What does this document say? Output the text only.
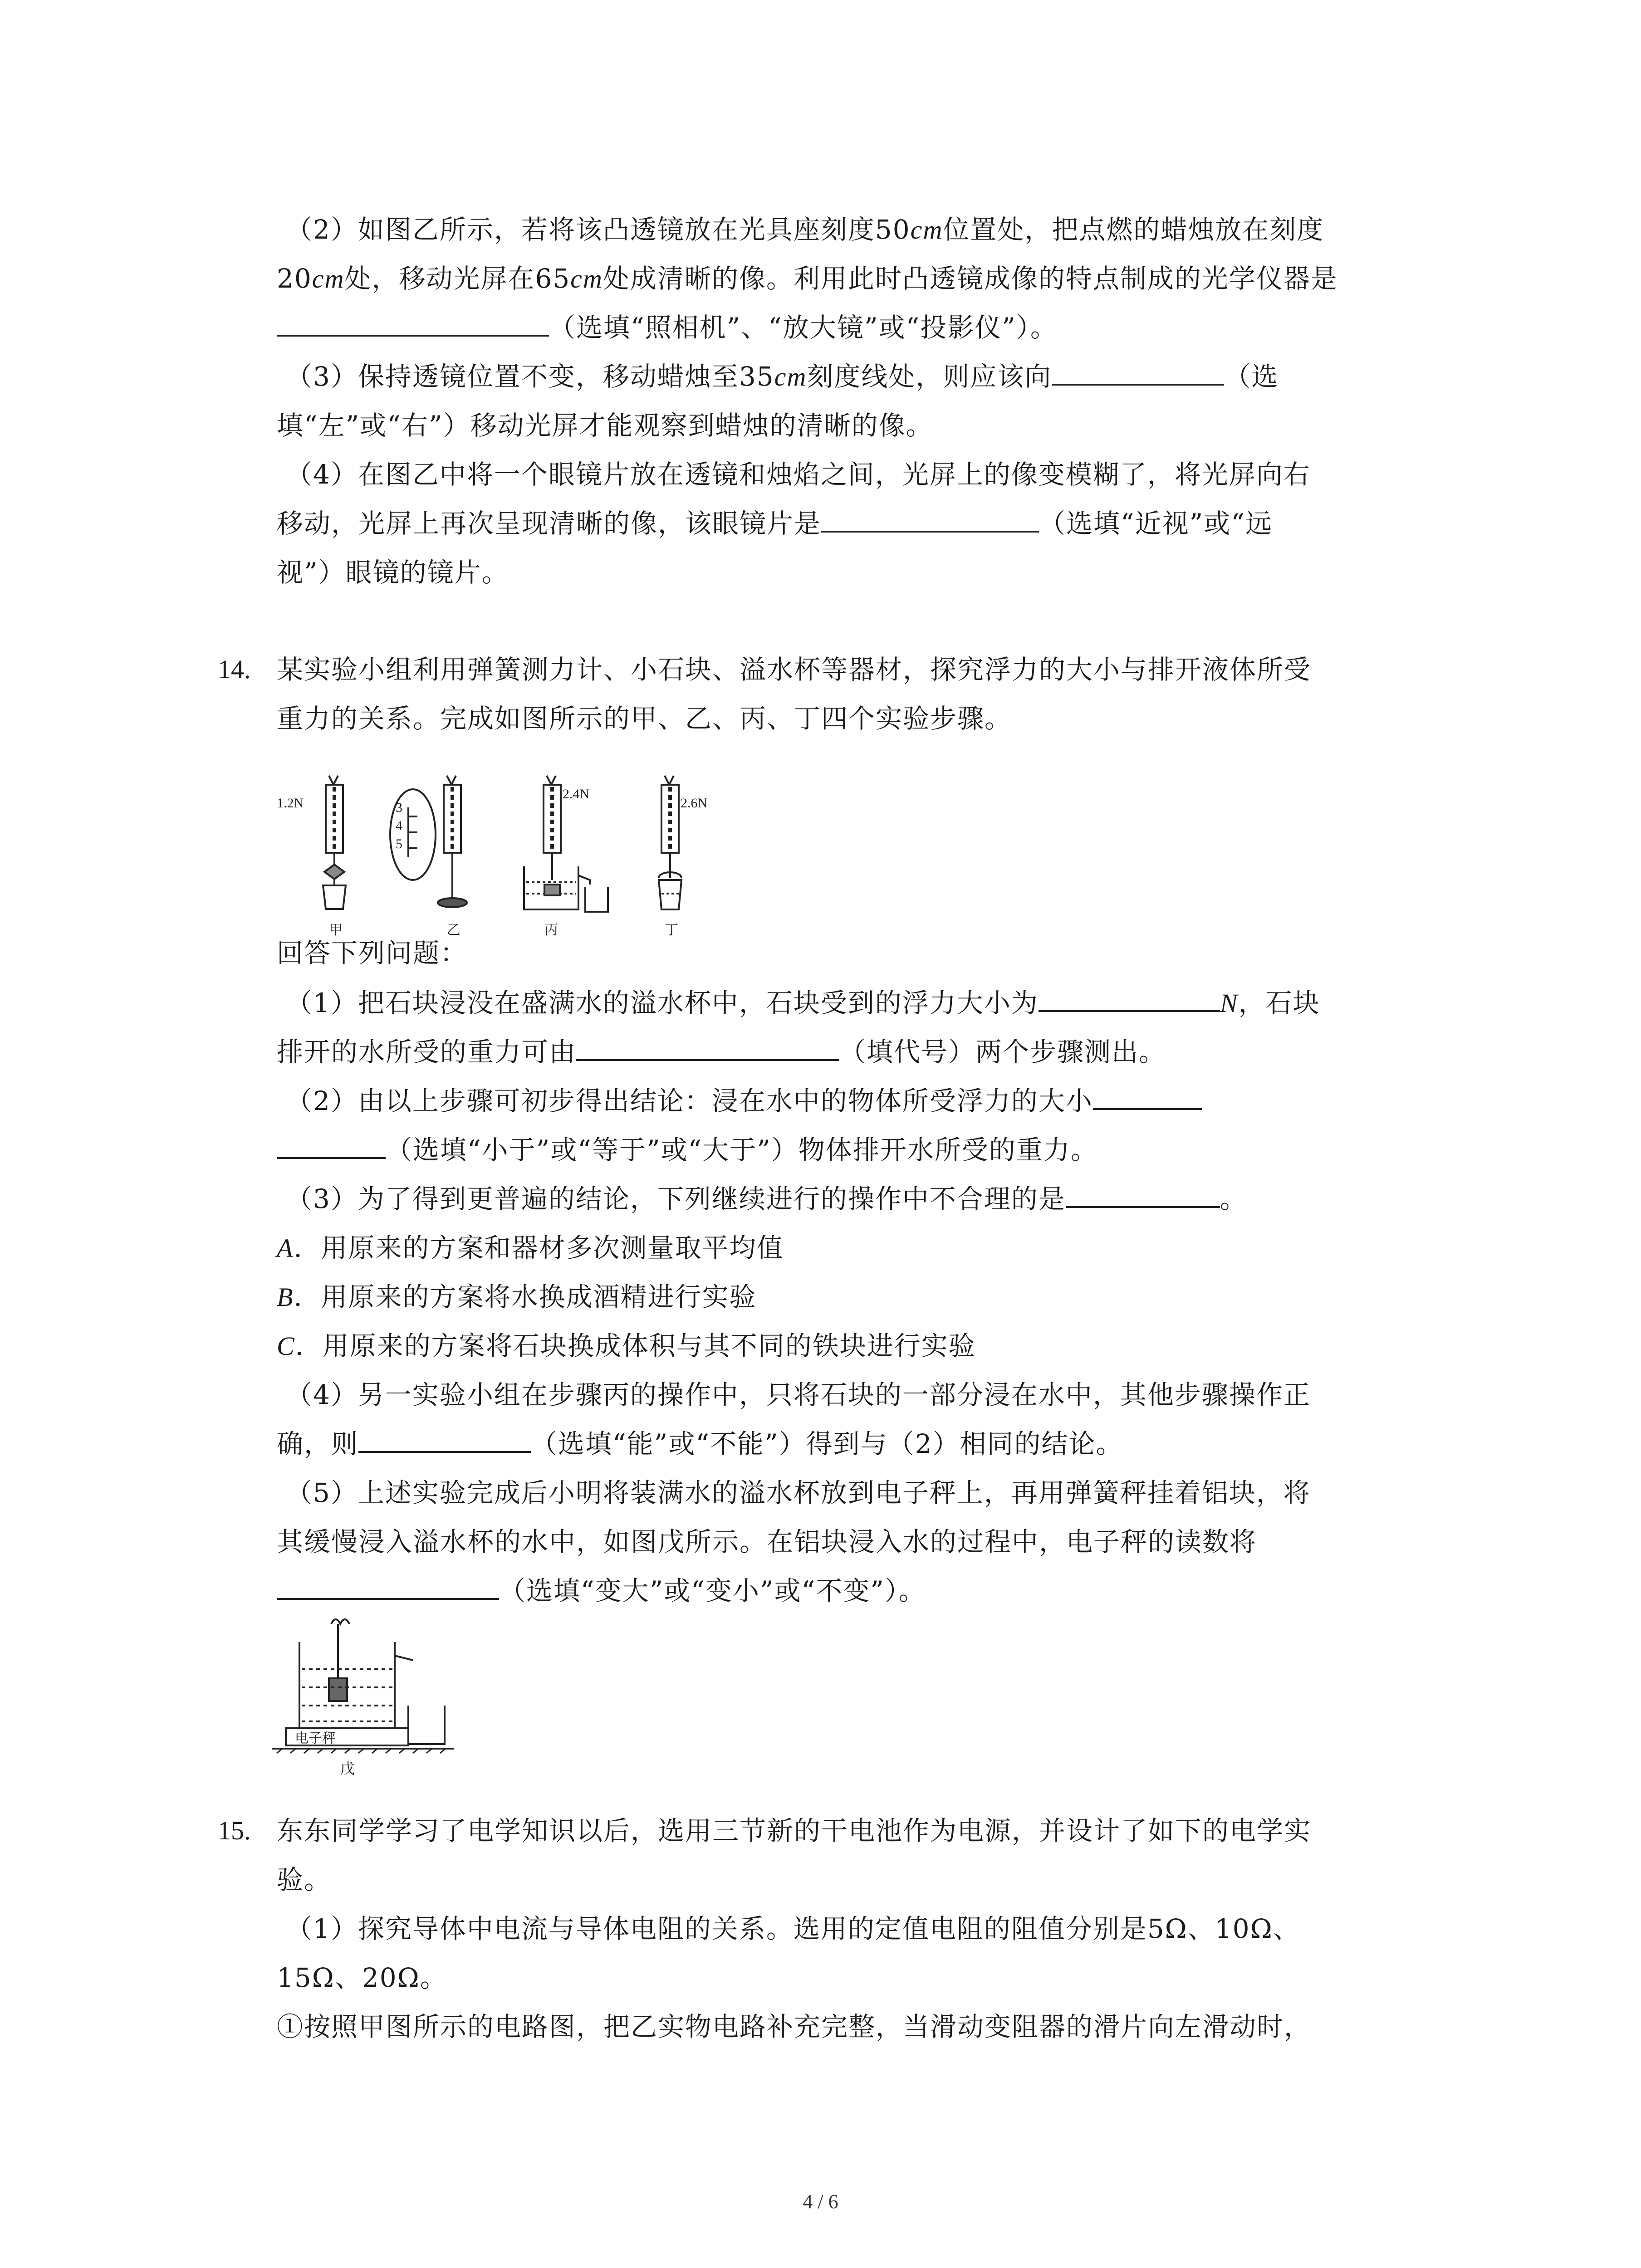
（2）如图乙所示，若将该凸透镜放在光具座刻度50cm位置处，把点燃的蜡烛放在刻度
20cm处，移动光屏在65cm处成清晰的像。利用此时凸透镜成像的特点制成的光学仪器是
（选填“照相机”、“放大镜”或“投影仪”）。
（3）保持透镜位置不变，移动蜡烛至35cm刻度线处，则应该向	（选
填“左”或“右”）移动光屏才能观察到蜡烛的清晰的像。
（4）在图乙中将一个眼镜片放在透镜和烛焰之间，光屏上的像变模糊了，将光屏向右
移动，光屏上再次呈现清晰的像，该眼镜片是	（选填“近视”或“远
视”）眼镜的镜片。
14. 某实验小组利用弹簧测力计、小石块、溢水杯等器材，探究浮力的大小与排开液体所受
重力的关系。完成如图所示的甲、乙、丙、丁四个实验步骤。
1.2N	3
4
5
2.4N
2.6N
甲	乙	丙	丁
回答下列问题：
（1）把石块浸没在盛满水的溢水杯中，石块受到的浮力大小为	N，石块
排开的水所受的重力可由	（填代号）两个步骤测出。
（2）由以上步骤可初步得出结论：浸在水中的物体所受浮力的大小
（选填“小于”或“等于”或“大于”）物体排开水所受的重力。
（3）为了得到更普遍的结论，下列继续进行的操作中不合理的是	。
A．用原来的方案和器材多次测量取平均值
B．用原来的方案将水换成酒精进行实验
C．用原来的方案将石块换成体积与其不同的铁块进行实验
（4）另一实验小组在步骤丙的操作中，只将石块的一部分浸在水中，其他步骤操作正
确，则	（选填“能”或“不能”）得到与（2）相同的结论。
（5）上述实验完成后小明将装满水的溢水杯放到电子秤上，再用弹簧秤挂着铝块，将
其缓慢浸入溢水杯的水中，如图戊所示。在铝块浸入水的过程中，电子秤的读数将
（选填“变大”或“变小”或“不变”）。
电子秤
戊
15. 东东同学学习了电学知识以后，选用三节新的干电池作为电源，并设计了如下的电学实
验。
（1）探究导体中电流与导体电阻的关系。选用的定值电阻的阻值分别是5Ω、10Ω、
15Ω、20Ω。
①按照甲图所示的电路图，把乙实物电路补充完整，当滑动变阻器的滑片向左滑动时，
4 / 6
